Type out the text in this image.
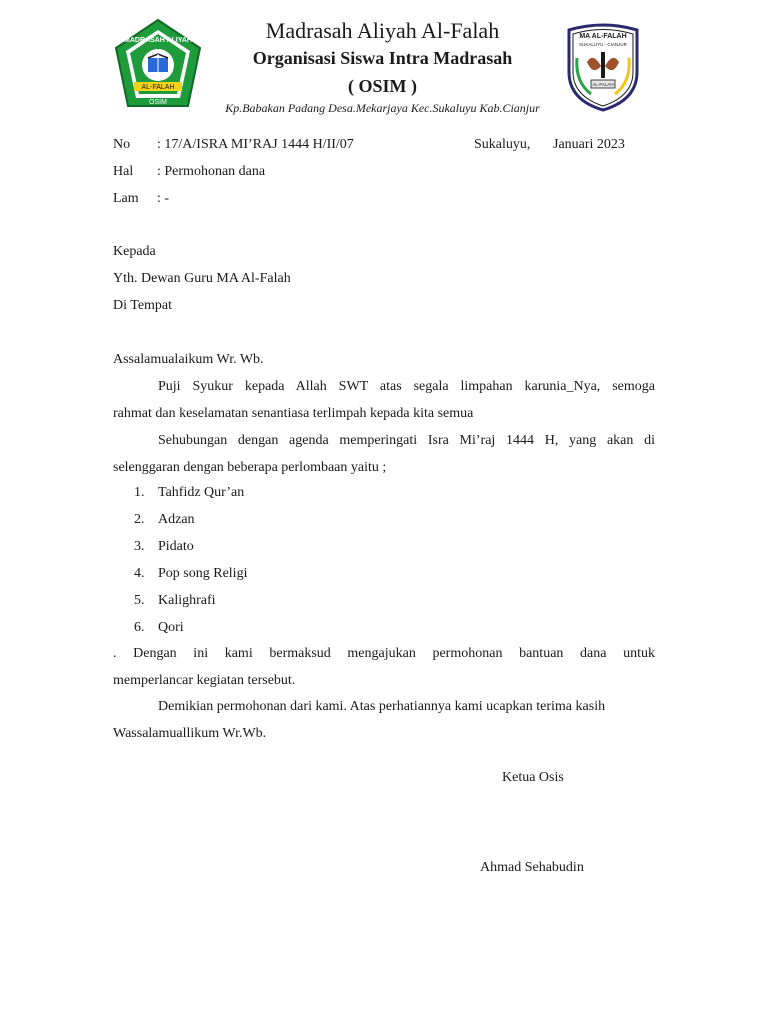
AL-FALAH
OSIM
MADRASAH ALIYAH
MA AL-FALAH
SUKALUYU - CIANJUR
AL-FALAH
Madrasah Aliyah Al-Falah
Organisasi Siswa Intra Madrasah
( OSIM )
Kp.Babakan Padang Desa.Mekarjaya Kec.Sukaluyu Kab.Cianjur
No : 17/A/ISRA MI’RAJ 1444 H/II/07	Sukaluyu, Januari 2023
Hal : Permohonan dana
Lam : -
Kepada
Yth. Dewan Guru MA Al-Falah
Di Tempat
Assalamualaikum Wr. Wb.
Puji Syukur kepada Allah SWT atas segala limpahan karunia_Nya, semoga
rahmat dan keselamatan senantiasa terlimpah kepada kita semua
Sehubungan dengan agenda memperingati Isra Mi’raj 1444 H, yang akan di
selenggaran dengan beberapa perlombaan yaitu ;
1. Tahfidz Qur’an
2. Adzan
3. Pidato
4. Pop song Religi
5. Kalighrafi
6. Qori
. Dengan ini kami bermaksud mengajukan permohonan bantuan dana untuk
memperlancar kegiatan tersebut.
Demikian permohonan dari kami. Atas perhatiannya kami ucapkan terima kasih
Wassalamuallikum Wr.Wb.
Ketua Osis
Ahmad Sehabudin
